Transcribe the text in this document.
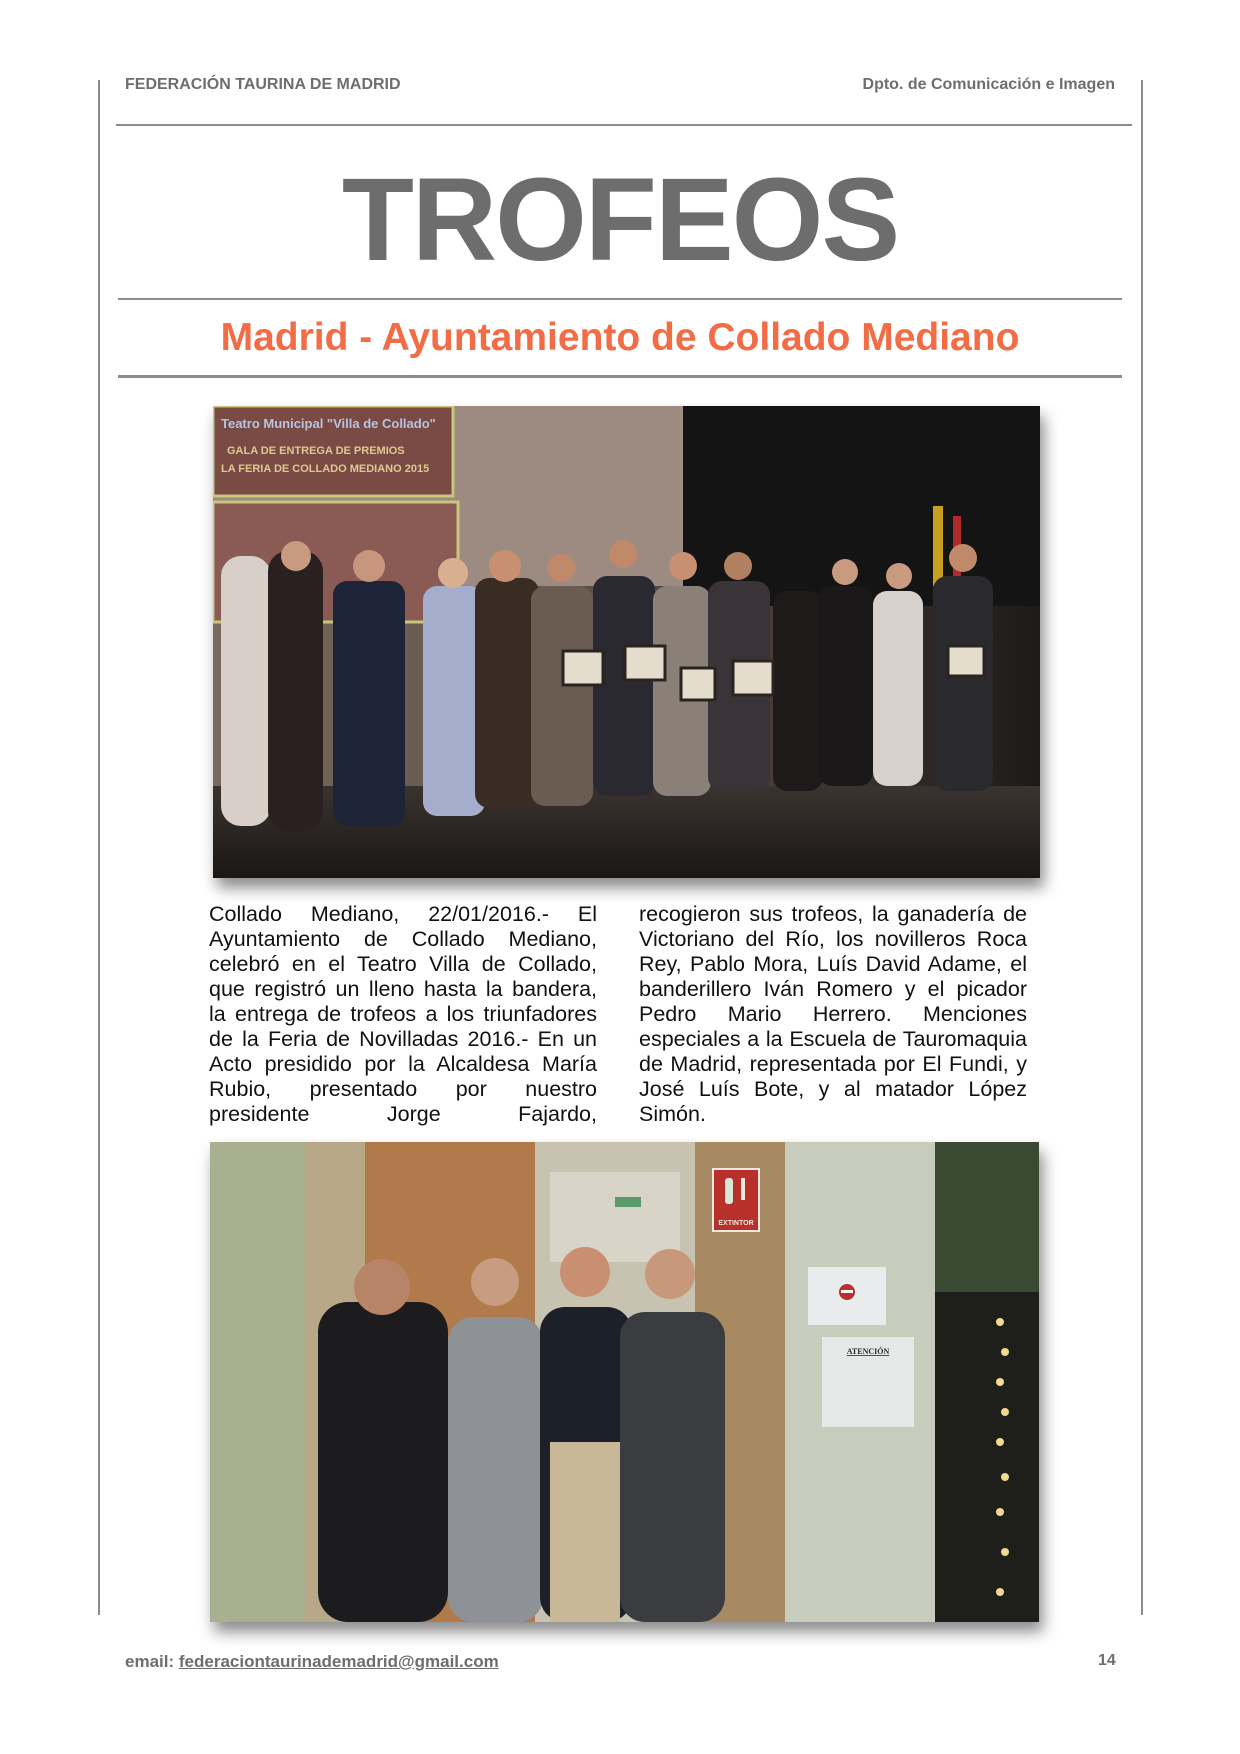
FEDERACIÓN TAURINA DE MADRID	Dpto. de Comunicación e Imagen
TROFEOS
Madrid - Ayuntamiento de Collado Mediano
Teatro Municipal "Villa de Collado"
GALA DE ENTREGA DE PREMIOS
LA FERIA DE COLLADO MEDIANO 2015

Collado Mediano, 22/01/2016.- El Ayuntamiento de Collado Mediano, celebró en el Teatro Villa de Collado, que registró un lleno hasta la bandera, la entrega de trofeos a los triunfadores de la Feria de Novilladas 2016.- En un Acto presidido por la Alcaldesa María Rubio, presentado por nuestro presidente Jorge Fajardo,

recogieron sus trofeos, la ganadería de Victoriano del Río, los novilleros Roca Rey, Pablo Mora, Luís David Adame, el banderillero Iván Romero y el picador Pedro Mario Herrero. Menciones especiales a la Escuela de Tauromaquia de Madrid, representada por El Fundi, y José Luís Bote, y al matador López Simón.

EXTINTOR
ATENCIÓN
email: federaciontaurinademadrid@gmail.com	14
